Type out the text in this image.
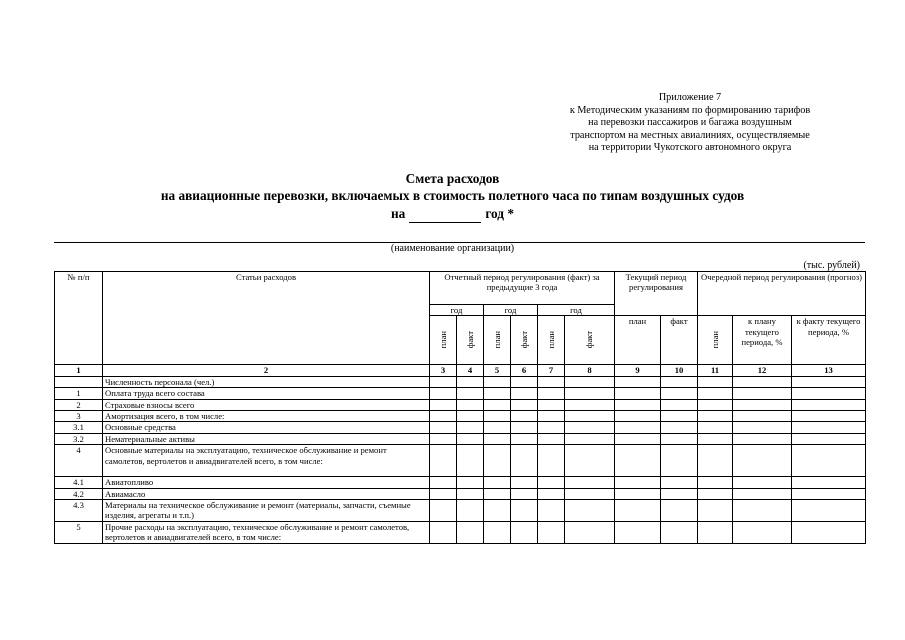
Приложение 7
к Методическим указаниям по формированию тарифов
на перевозки пассажиров и багажа воздушным
транспортом на местных авиалиниях, осуществляемые
на территории Чукотского автономного округа
Смета расходов
на авиационные перевозки, включаемых в стоимость полетного часа по типам воздушных судов
на	год *
(наименование организации)
(тыс. рублей)
№ п/п	Статьи расходов	Отчетный период регулирования (факт) за предыдущие 3 года						Текущий период регулирования		Очередной период регулирования (прогноз)		
		год		год		год						
		план	факт	план	факт	план	факт	план	факт	план	к плану текущего периода, %	к факту текущего периода, %
1	2	3	4	5	6	7	8	9	10	11	12	13
	Численность персонала (чел.)											
1	Оплата труда всего состава											
2	Страховые взносы всего											
3	Амортизация всего, в том числе:											
3.1	Основные средства											
3.2	Нематериальные активы											
4	Основные материалы на эксплуатацию, техническое обслуживание и ремонт самолетов, вертолетов и авиадвигателей всего, в том числе:											
4.1	Авиатопливо											
4.2	Авиамасло											
4.3	Материалы на техническое обслуживание и ремонт (материалы, запчасти, съемные изделия, агрегаты и т.п.)											
5	Прочие расходы на эксплуатацию, техническое обслуживание и ремонт самолетов, вертолетов и авиадвигателей всего, в том числе:											
